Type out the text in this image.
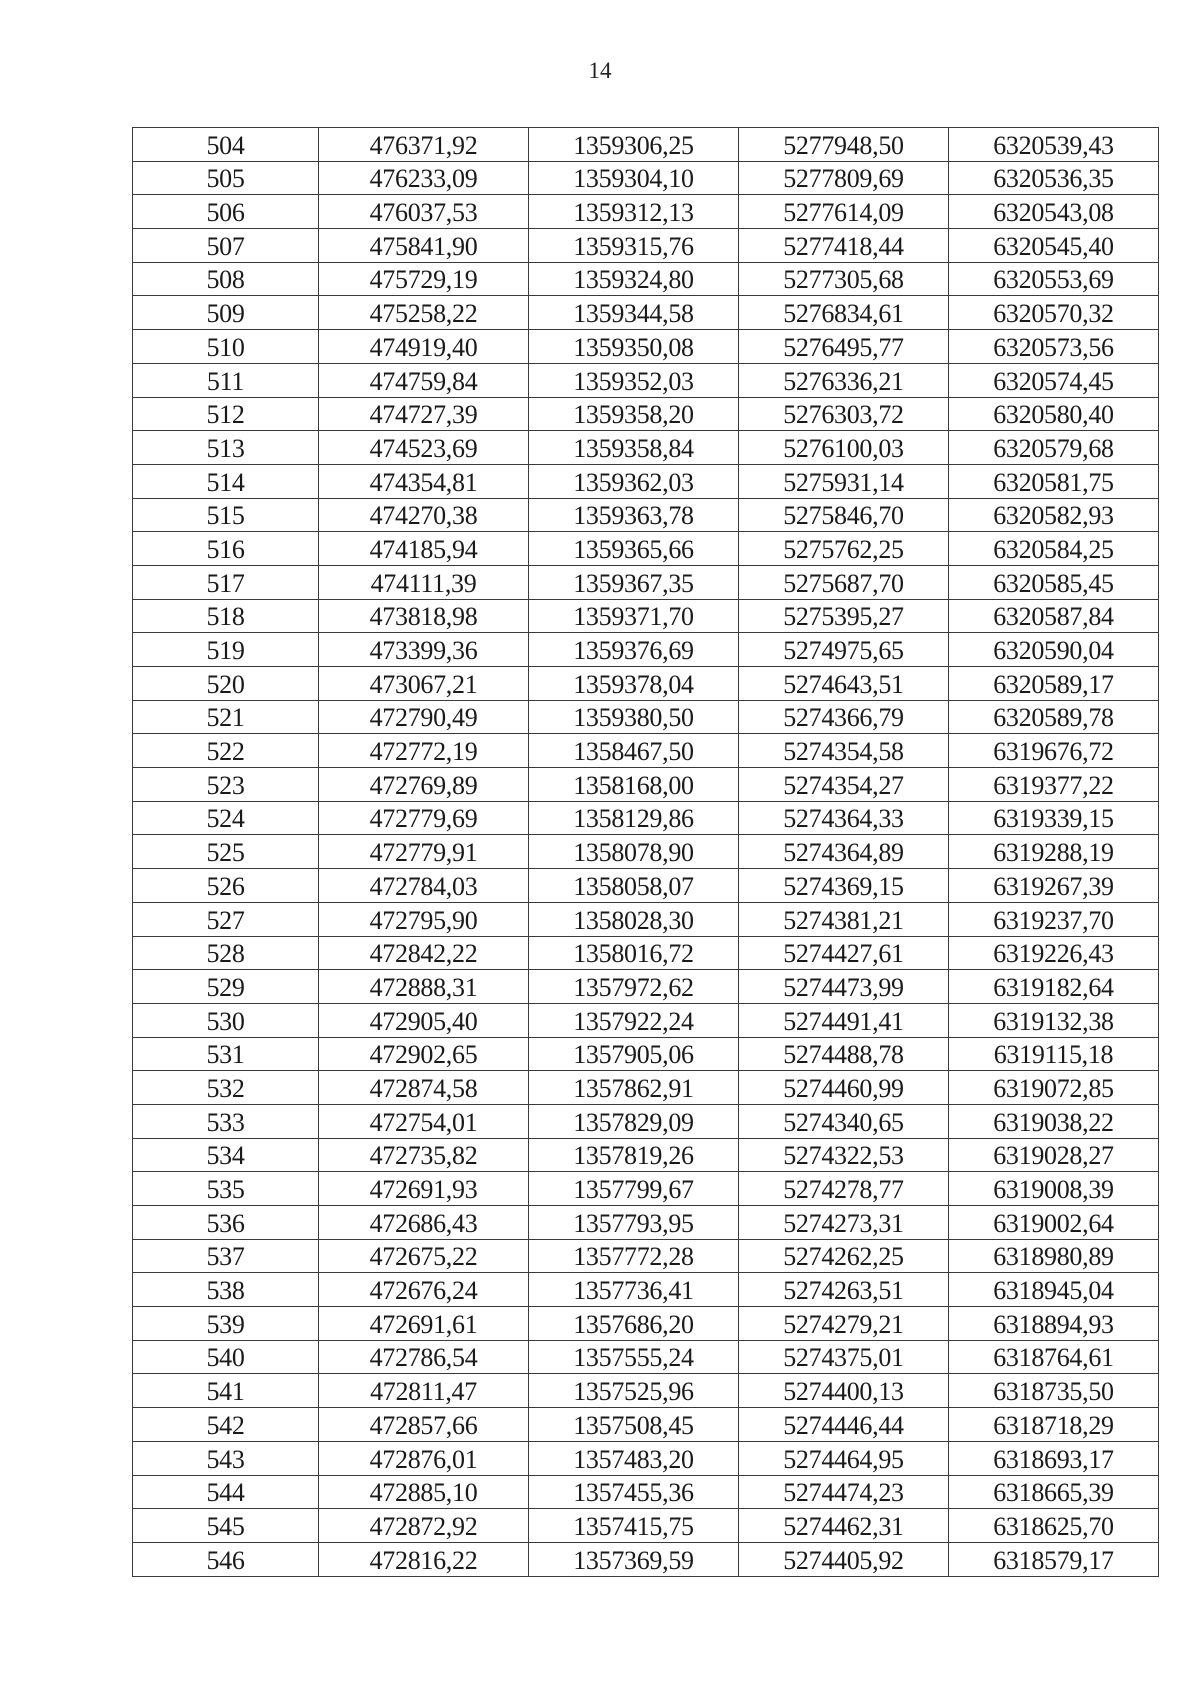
14
504	476371,92	1359306,25	5277948,50	6320539,43
505	476233,09	1359304,10	5277809,69	6320536,35
506	476037,53	1359312,13	5277614,09	6320543,08
507	475841,90	1359315,76	5277418,44	6320545,40
508	475729,19	1359324,80	5277305,68	6320553,69
509	475258,22	1359344,58	5276834,61	6320570,32
510	474919,40	1359350,08	5276495,77	6320573,56
511	474759,84	1359352,03	5276336,21	6320574,45
512	474727,39	1359358,20	5276303,72	6320580,40
513	474523,69	1359358,84	5276100,03	6320579,68
514	474354,81	1359362,03	5275931,14	6320581,75
515	474270,38	1359363,78	5275846,70	6320582,93
516	474185,94	1359365,66	5275762,25	6320584,25
517	474111,39	1359367,35	5275687,70	6320585,45
518	473818,98	1359371,70	5275395,27	6320587,84
519	473399,36	1359376,69	5274975,65	6320590,04
520	473067,21	1359378,04	5274643,51	6320589,17
521	472790,49	1359380,50	5274366,79	6320589,78
522	472772,19	1358467,50	5274354,58	6319676,72
523	472769,89	1358168,00	5274354,27	6319377,22
524	472779,69	1358129,86	5274364,33	6319339,15
525	472779,91	1358078,90	5274364,89	6319288,19
526	472784,03	1358058,07	5274369,15	6319267,39
527	472795,90	1358028,30	5274381,21	6319237,70
528	472842,22	1358016,72	5274427,61	6319226,43
529	472888,31	1357972,62	5274473,99	6319182,64
530	472905,40	1357922,24	5274491,41	6319132,38
531	472902,65	1357905,06	5274488,78	6319115,18
532	472874,58	1357862,91	5274460,99	6319072,85
533	472754,01	1357829,09	5274340,65	6319038,22
534	472735,82	1357819,26	5274322,53	6319028,27
535	472691,93	1357799,67	5274278,77	6319008,39
536	472686,43	1357793,95	5274273,31	6319002,64
537	472675,22	1357772,28	5274262,25	6318980,89
538	472676,24	1357736,41	5274263,51	6318945,04
539	472691,61	1357686,20	5274279,21	6318894,93
540	472786,54	1357555,24	5274375,01	6318764,61
541	472811,47	1357525,96	5274400,13	6318735,50
542	472857,66	1357508,45	5274446,44	6318718,29
543	472876,01	1357483,20	5274464,95	6318693,17
544	472885,10	1357455,36	5274474,23	6318665,39
545	472872,92	1357415,75	5274462,31	6318625,70
546	472816,22	1357369,59	5274405,92	6318579,17
